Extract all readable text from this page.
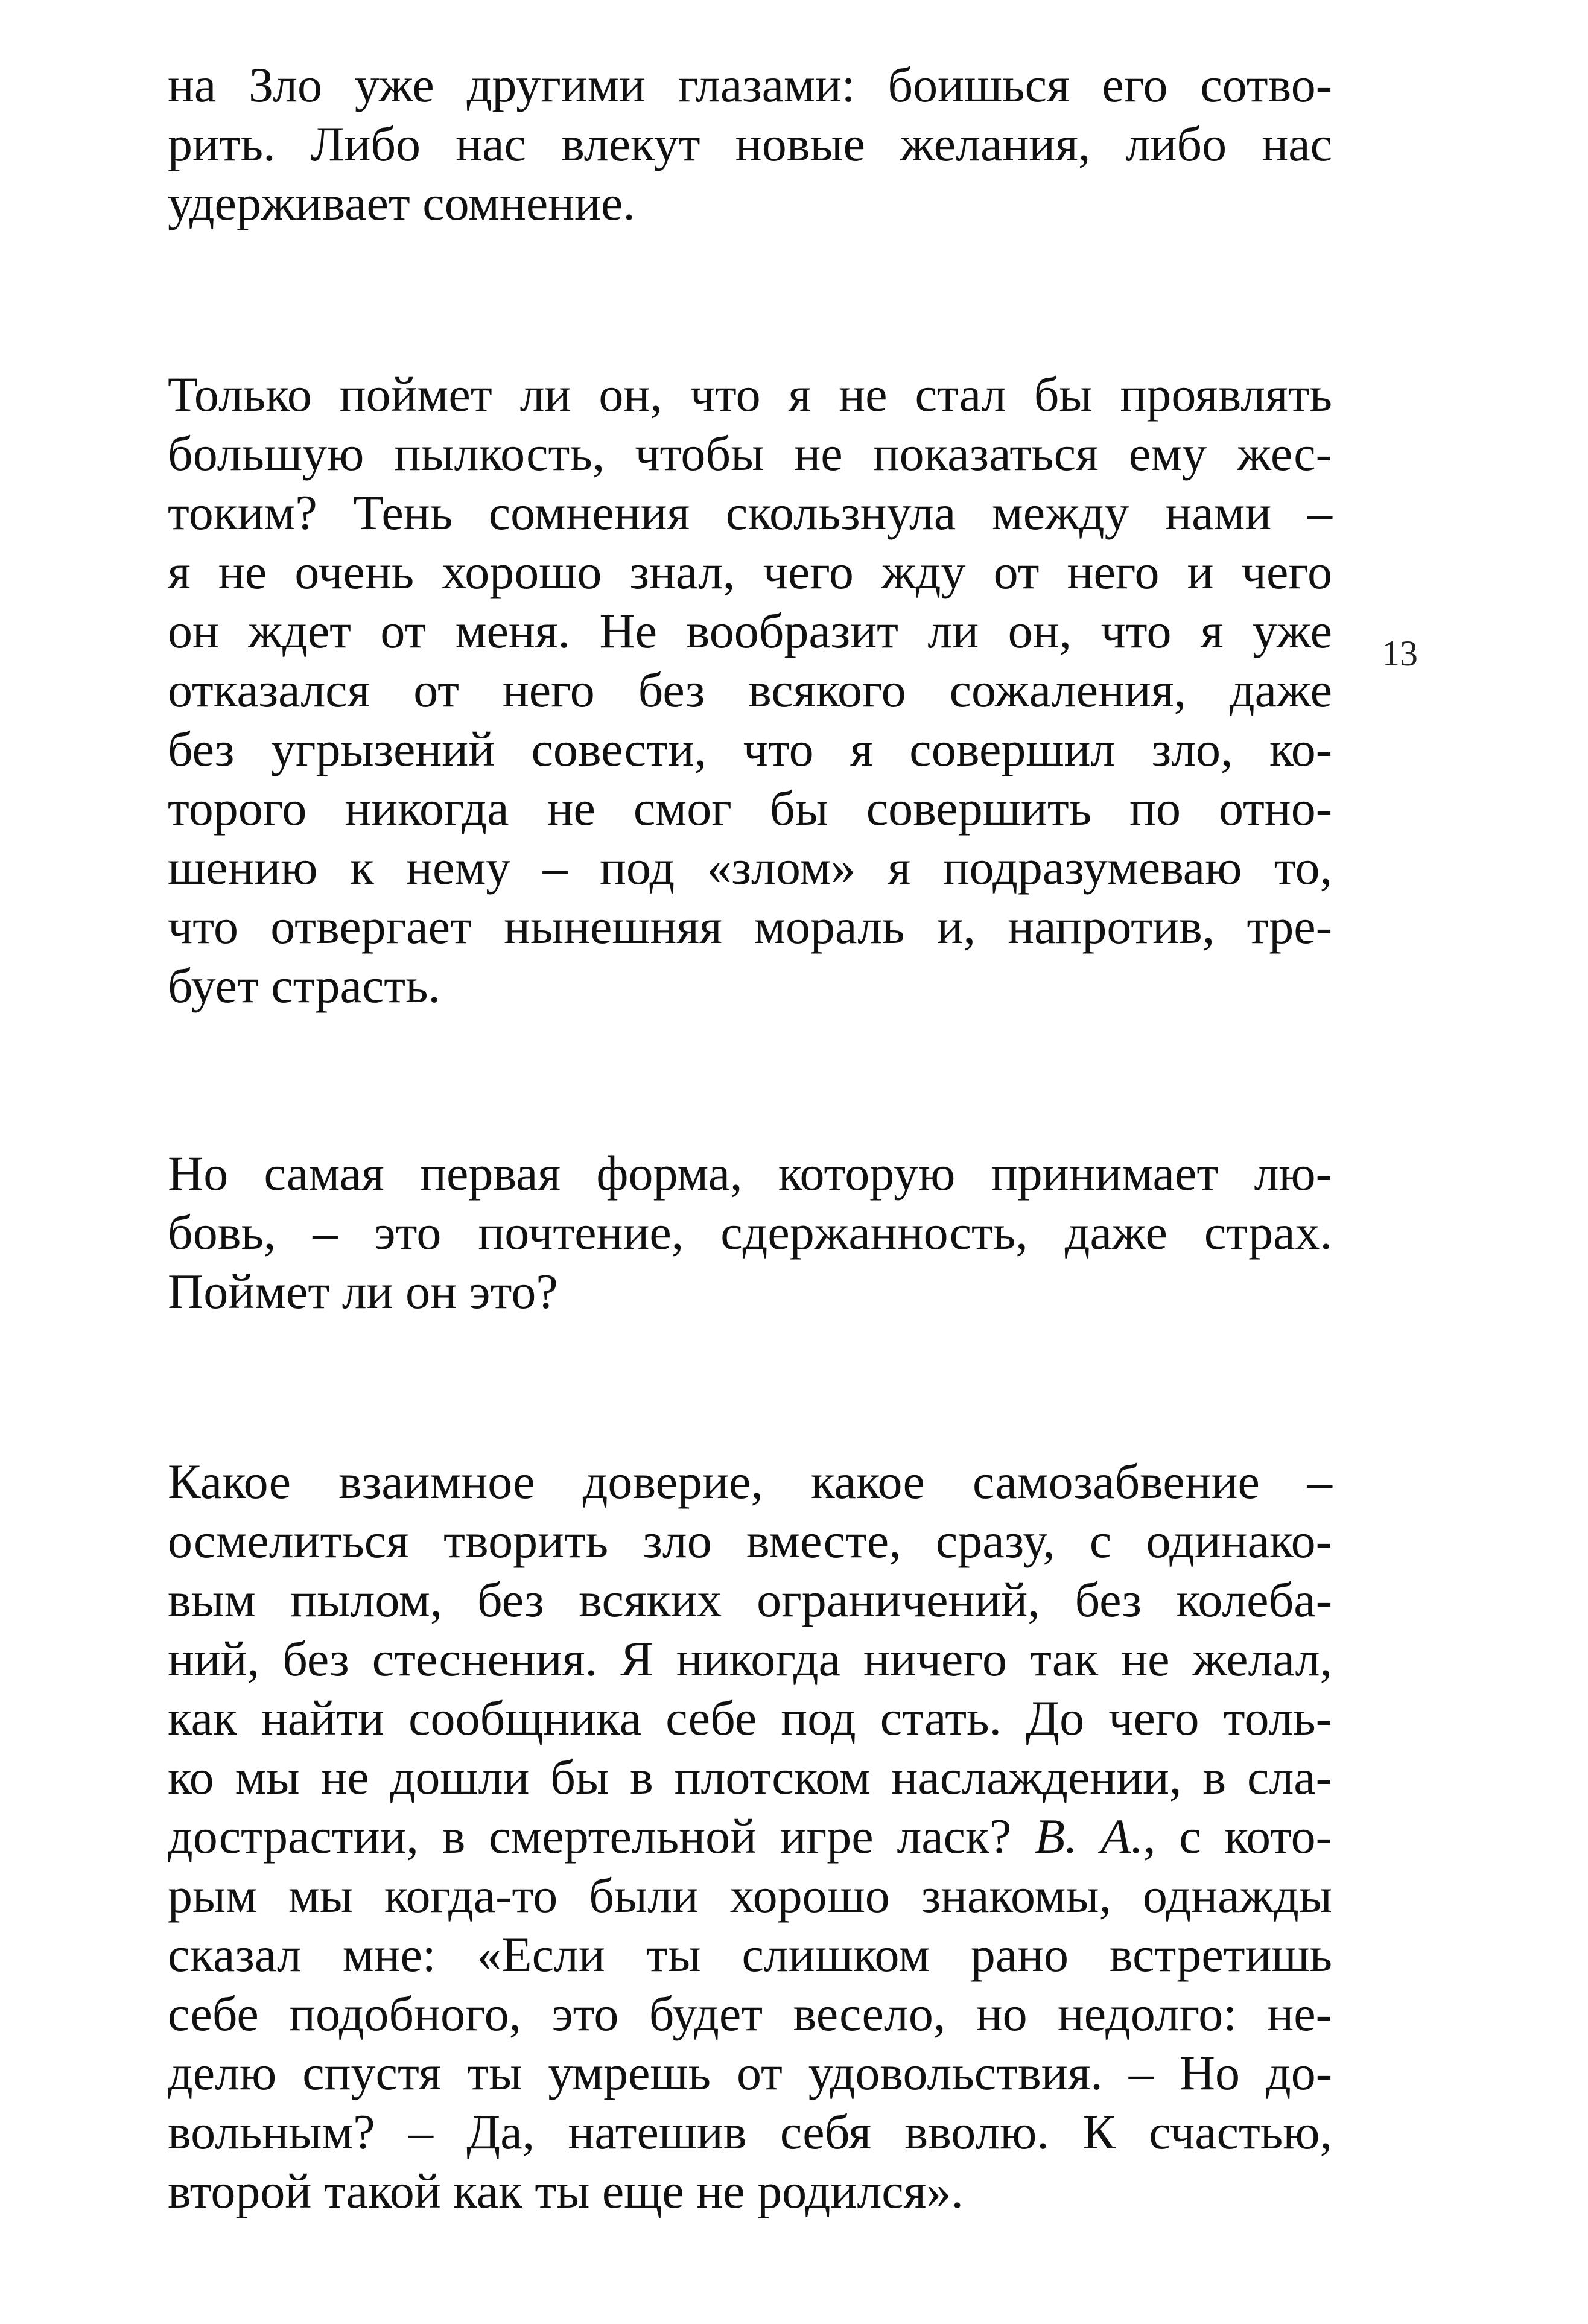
на Зло уже другими глазами: боишься его сотво-
рить. Либо нас влекут новые желания, либо нас
удерживает сомнение.
Только поймет ли он, что я не стал бы проявлять
большую пылкость, чтобы не показаться ему жес-
токим? Тень сомнения скользнула между нами –
я не очень хорошо знал, чего жду от него и чего
он ждет от меня. Не вообразит ли он, что я уже
отказался от него без всякого сожаления, даже
без угрызений совести, что я совершил зло, ко-
торого никогда не смог бы совершить по отно-
шению к нему – под «злом» я подразумеваю то,
что отвергает нынешняя мораль и, напротив, тре-
бует страсть.
13
Но самая первая форма, которую принимает лю-
бовь, – это почтение, сдержанность, даже страх.
Поймет ли он это?
Какое взаимное доверие, какое самозабвение –
осмелиться творить зло вместе, сразу, с одинако-
вым пылом, без всяких ограничений, без колеба-
ний, без стеснения. Я никогда ничего так не желал,
как найти сообщника себе под стать. До чего толь-
ко мы не дошли бы в плотском наслаждении, в сла-
дострастии, в смертельной игре ласк? В. А., с кото-
рым мы когда-то были хорошо знакомы, однажды
сказал мне: «Если ты слишком рано встретишь
себе подобного, это будет весело, но недолго: не-
делю спустя ты умрешь от удовольствия. – Но до-
вольным? – Да, натешив себя вволю. К счастью,
второй такой как ты еще не родился».
